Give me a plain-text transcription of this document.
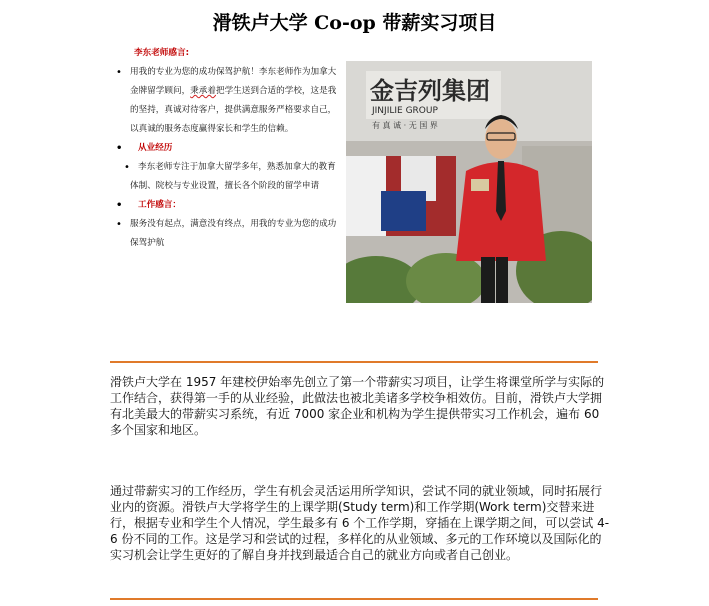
滑铁卢大学 Co-op 带薪实习项目
李东老师感言:
• 用我的专业为您的成功保驾护航！李东老师作为加拿大金牌留学顾问，秉承着把学生送到合适的学校，这是我的坚持，真诚对待客户，提供满意服务严格要求自己，以真诚的服务态度赢得家长和学生的信赖。
• 从业经历
• 李东老师专注于加拿大留学多年，熟悉加拿大的教育体制、院校与专业设置，擅长各个阶段的留学申请
• 工作感言：
• 服务没有起点，满意没有终点，用我的专业为您的成功保驾护航
金吉列集团
JINJILIE GROUP
有 真 诚 · 无 国 界
滑铁卢大学在 1957 年建校伊始率先创立了第一个带薪实习项目，让学生将课堂所学与实际的工作结合，获得第一手的从业经验，此做法也被北美诸多学校争相效仿。目前，滑铁卢大学拥有北美最大的带薪实习系统，有近 7000 家企业和机构为学生提供带实习工作机会，遍布 60 多个国家和地区。
通过带薪实习的工作经历，学生有机会灵活运用所学知识，尝试不同的就业领域，同时拓展行业内的资源。滑铁卢大学将学生的上课学期(Study term)和工作学期(Work term)交替来进行，根据专业和学生个人情况，学生最多有 6 个工作学期，穿插在上课学期之间，可以尝试 4-6 份不同的工作。这是学习和尝试的过程，多样化的从业领域、多元的工作环境以及国际化的实习机会让学生更好的了解自身并找到最适合自己的就业方向或者自己创业。
